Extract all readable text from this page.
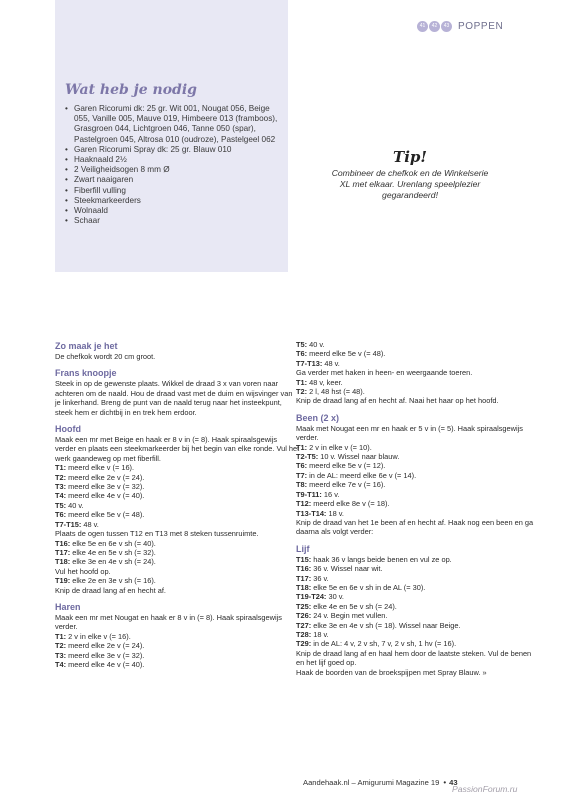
41	42	43 POPPEN
Wat heb je nodig
• Garen Ricorumi dk: 25 gr. Wit 001, Nougat 056, Beige 055, Vanille 005, Mauve 019, Himbeere 013 (framboos), Grasgroen 044, Lichtgroen 046, Tanne 050 (spar), Pastelgroen 045, Altrosa 010 (oudroze), Pastelgeel 062
• Garen Ricorumi Spray dk: 25 gr. Blauw 010
• Haaknaald 2½
• 2 Veiligheidsogen 8 mm Ø
• Zwart naaigaren
• Fiberfill vulling
• Steekmarkeerders
• Wolnaald
• Schaar
Tip!
Combineer de chefkok en de Winkelserie XL met elkaar. Urenlang speelplezier gegarandeerd!
Zo maak je het
De chefkok wordt 20 cm groot.
Frans knoopje
Steek in op de gewenste plaats. Wikkel de draad 3 x van voren naar achteren om de naald. Hou de draad vast met de duim en wijsvinger van je linkerhand. Breng de punt van de naald terug naar het insteekpunt, steek hem er dichtbij in en trek hem erdoor.
Hoofd
Maak een mr met Beige en haak er 8 v in (= 8). Haak spiraalsgewijs verder en plaats een steekmarkeerder bij het begin van elke ronde. Vul het werk gaandeweg op met fiberfill.
T1: meerd elke v (= 16).
T2: meerd elke 2e v (= 24).
T3: meerd elke 3e v (= 32).
T4: meerd elke 4e v (= 40).
T5: 40 v.
T6: meerd elke 5e v (= 48).
T7-T15: 48 v.
Plaats de ogen tussen T12 en T13 met 8 steken tussenruimte.
T16: elke 5e en 6e v sh (= 40).
T17: elke 4e en 5e v sh (= 32).
T18: elke 3e en 4e v sh (= 24).
Vul het hoofd op.
T19: elke 2e en 3e v sh (= 16).
Knip de draad lang af en hecht af.
Haren
Maak een mr met Nougat en haak er 8 v in (= 8). Haak spiraalsgewijs verder.
T1: 2 v in elke v (= 16).
T2: meerd elke 2e v (= 24).
T3: meerd elke 3e v (= 32).
T4: meerd elke 4e v (= 40).
T5: 40 v.
T6: meerd elke 5e v (= 48).
T7-T13: 48 v.
Ga verder met haken in heen- en weergaande toeren.
T1: 48 v, keer.
T2: 2 l, 48 hst (= 48).
Knip de draad lang af en hecht af. Naai het haar op het hoofd.
Been (2 x)
Maak met Nougat een mr en haak er 5 v in (= 5). Haak spiraalsgewijs verder.
T1: 2 v in elke v (= 10).
T2-T5: 10 v. Wissel naar blauw.
T6: meerd elke 5e v (= 12).
T7: in de AL: meerd elke 6e v (= 14).
T8: meerd elke 7e v (= 16).
T9-T11: 16 v.
T12: meerd elke 8e v (= 18).
T13-T14: 18 v.
Knip de draad van het 1e been af en hecht af. Haak nog een been en ga daarna als volgt verder:
Lijf
T15: haak 36 v langs beide benen en vul ze op.
T16: 36 v. Wissel naar wit.
T17: 36 v.
T18: elke 5e en 6e v sh in de AL (= 30).
T19-T24: 30 v.
T25: elke 4e en 5e v sh (= 24).
T26: 24 v. Begin met vullen.
T27: elke 3e en 4e v sh (= 18). Wissel naar Beige.
T28: 18 v.
T29: in de AL: 4 v, 2 v sh, 7 v, 2 v sh, 1 hv (= 16).
Knip de draad lang af en haal hem door de laatste steken. Vul de benen en het lijf goed op.
Haak de boorden van de broekspijpen met Spray Blauw. »
Aandehaak.nl – Amigurumi Magazine 19 • 43
PassionForum.ru
